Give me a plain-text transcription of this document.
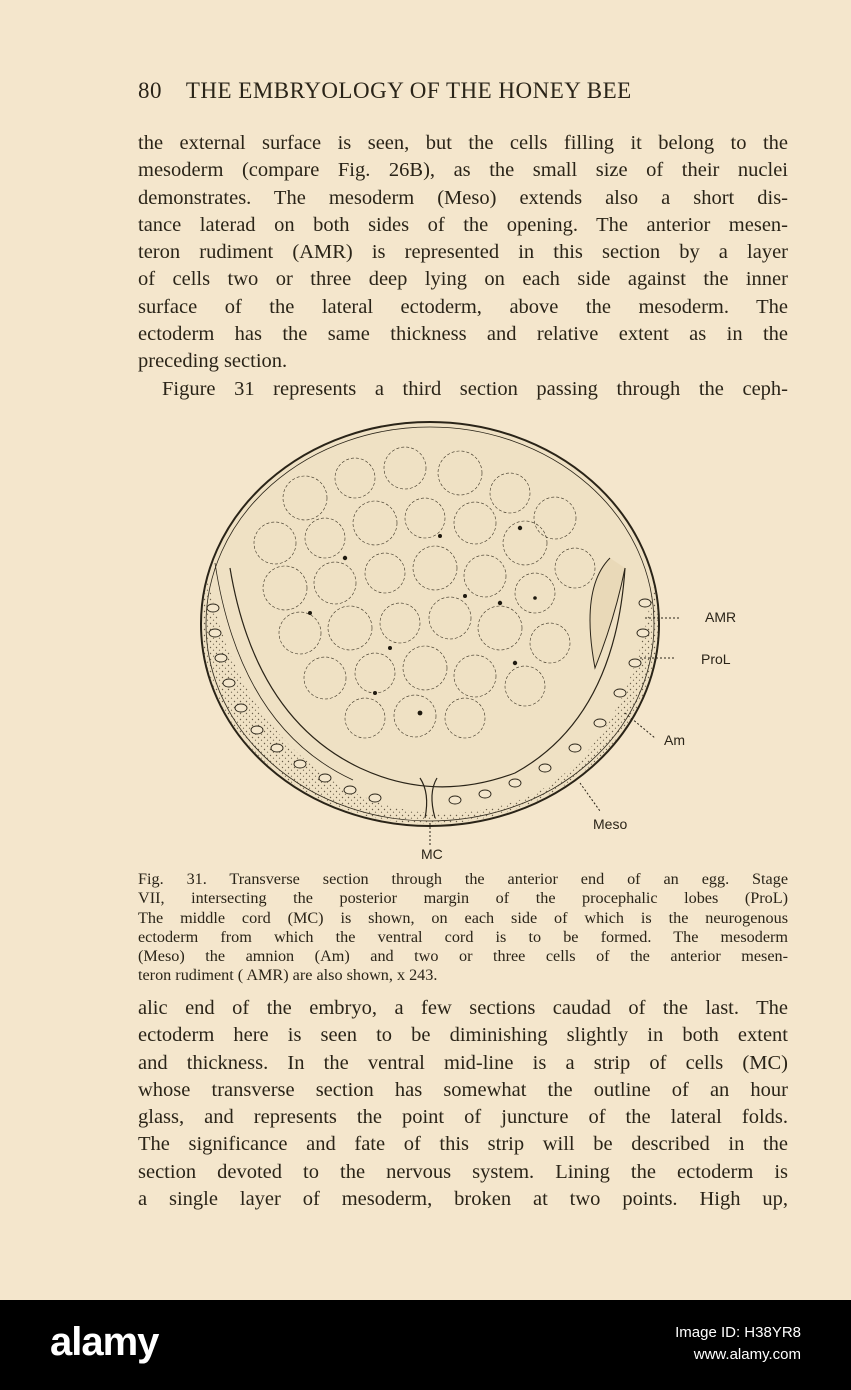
80 THE EMBRYOLOGY OF THE HONEY BEE
the external surface is seen, but the cells filling it belong to the
mesoderm (compare Fig. 26B), as the small size of their nuclei
demonstrates. The mesoderm (Meso) extends also a short dis-
tance laterad on both sides of the opening. The anterior mesen-
teron rudiment (AMR) is represented in this section by a layer
of cells two or three deep lying on each side against the inner
surface of the lateral ectoderm, above the mesoderm. The
ectoderm has the same thickness and relative extent as in the
preceding section.
Figure 31 represents a third section passing through the ceph-
AMR
ProL
Am
Meso
MC
Fig. 31. Transverse section through the anterior end of an egg. Stage
VII, intersecting the posterior margin of the procephalic lobes (ProL)
The middle cord (MC) is shown, on each side of which is the neurogenous
ectoderm from which the ventral cord is to be formed. The mesoderm
(Meso) the amnion (Am) and two or three cells of the anterior mesen-
teron rudiment ( AMR) are also shown, x 243.
alic end of the embryo, a few sections caudad of the last. The
ectoderm here is seen to be diminishing slightly in both extent
and thickness. In the ventral mid-line is a strip of cells (MC)
whose transverse section has somewhat the outline of an hour
glass, and represents the point of juncture of the lateral folds.
The significance and fate of this strip will be described in the
section devoted to the nervous system. Lining the ectoderm is
a single layer of mesoderm, broken at two points. High up,
alamy	Image ID: H38YR8
www.alamy.com
